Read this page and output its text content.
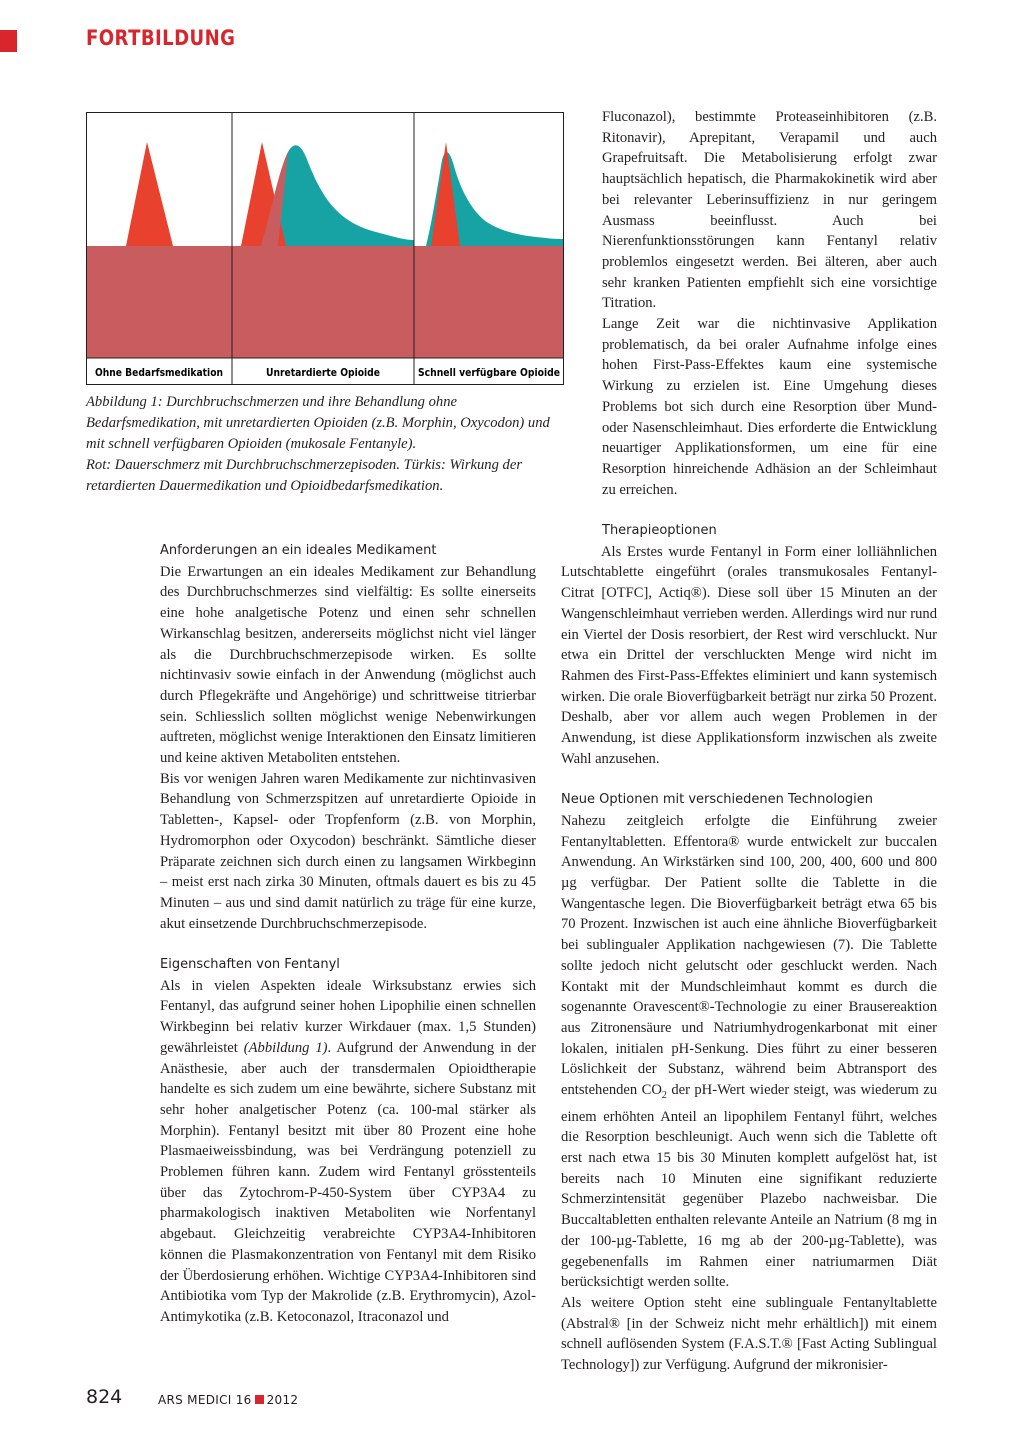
FORTBILDUNG
Ohne Bedarfsmedikation	Unretardierte Opioide	Schnell verfügbare Opioide

Abbildung 1: Durchbruchschmerzen und ihre Behandlung ohne Bedarfsmedikation, mit unretardierten Opioiden (z.B. Morphin, Oxycodon) und mit schnell verfügbaren Opioiden (mukosale Fentanyle).

Rot: Dauerschmerz mit Durchbruchschmerzepisoden. Türkis: Wirkung der retardierten Dauermedikation und Opioidbedarfsmedikation.

Anforderungen an ein ideales Medikament

Die Erwartungen an ein ideales Medikament zur Behandlung des Durchbruchschmerzes sind vielfältig: Es sollte einerseits eine hohe analgetische Potenz und einen sehr schnellen Wirkanschlag besitzen, andererseits möglichst nicht viel länger als die Durchbruchschmerzepisode wirken. Es sollte nichtinvasiv sowie einfach in der Anwendung (möglichst auch durch Pflegekräfte und Angehörige) und schrittweise titrierbar sein. Schliesslich sollten möglichst wenige Nebenwirkungen auftreten, möglichst wenige Interaktionen den Einsatz limitieren und keine aktiven Metaboliten entstehen.

Bis vor wenigen Jahren waren Medikamente zur nichtinvasiven Behandlung von Schmerzspitzen auf unretardierte Opioide in Tabletten-, Kapsel- oder Tropfenform (z.B. von Morphin, Hydromorphon oder Oxycodon) beschränkt. Sämtliche dieser Präparate zeichnen sich durch einen zu langsamen Wirkbeginn – meist erst nach zirka 30 Minuten, oftmals dauert es bis zu 45 Minuten – aus und sind damit natürlich zu träge für eine kurze, akut einsetzende Durchbruchschmerzepisode.

Eigenschaften von Fentanyl

Als in vielen Aspekten ideale Wirksubstanz erwies sich Fentanyl, das aufgrund seiner hohen Lipophilie einen schnellen Wirkbeginn bei relativ kurzer Wirkdauer (max. 1,5 Stunden) gewährleistet (Abbildung 1). Aufgrund der Anwendung in der Anästhesie, aber auch der transdermalen Opioidtherapie handelte es sich zudem um eine bewährte, sichere Substanz mit sehr hoher analgetischer Potenz (ca. 100-mal stärker als Morphin). Fentanyl besitzt mit über 80 Prozent eine hohe Plasmaeiweissbindung, was bei Verdrängung potenziell zu Problemen führen kann. Zudem wird Fentanyl grösstenteils über das Zytochrom-P-450-System über CYP3A4 zu pharmakologisch inaktiven Metaboliten wie Norfentanyl abgebaut. Gleichzeitig verabreichte CYP3A4-Inhibitoren können die Plasmakonzentration von Fentanyl mit dem Risiko der Überdosierung erhöhen. Wichtige CYP3A4-Inhibitoren sind Antibiotika vom Typ der Makrolide (z.B. Erythromycin), Azol-Antimykotika (z.B. Ketoconazol, Itraconazol und

Fluconazol), bestimmte Proteaseinhibitoren (z.B. Ritonavir), Aprepitant, Verapamil und auch Grapefruitsaft. Die Metabolisierung erfolgt zwar hauptsächlich hepatisch, die Pharmakokinetik wird aber bei relevanter Leberinsuffizienz in nur geringem Ausmass beeinflusst. Auch bei Nierenfunktionsstörungen kann Fentanyl relativ problemlos eingesetzt werden. Bei älteren, aber auch sehr kranken Patienten empfiehlt sich eine vorsichtige Titration.

Lange Zeit war die nichtinvasive Applikation problematisch, da bei oraler Aufnahme infolge eines hohen First-Pass-Effektes kaum eine systemische Wirkung zu erzielen ist. Eine Umgehung dieses Problems bot sich durch eine Resorption über Mund- oder Nasenschleimhaut. Dies erforderte die Entwicklung neuartiger Applikationsformen, um eine für eine Resorption hinreichende Adhäsion an der Schleimhaut zu erreichen.

Therapieoptionen

Als Erstes wurde Fentanyl in Form einer lolliähnlichen Lutschtablette eingeführt (orales transmukosales Fentanyl-Citrat [OTFC], Actiq®). Diese soll über 15 Minuten an der Wangenschleimhaut verrieben werden. Allerdings wird nur rund ein Viertel der Dosis resorbiert, der Rest wird verschluckt. Nur etwa ein Drittel der verschluckten Menge wird nicht im Rahmen des First-Pass-Effektes eliminiert und kann systemisch wirken. Die orale Bioverfügbarkeit beträgt nur zirka 50 Prozent. Deshalb, aber vor allem auch wegen Problemen in der Anwendung, ist diese Applikationsform inzwischen als zweite Wahl anzusehen.

Neue Optionen mit verschiedenen Technologien

Nahezu zeitgleich erfolgte die Einführung zweier Fentanyltabletten. Effentora® wurde entwickelt zur buccalen Anwendung. An Wirkstärken sind 100, 200, 400, 600 und 800 µg verfügbar. Der Patient sollte die Tablette in die Wangentasche legen. Die Bioverfügbarkeit beträgt etwa 65 bis 70 Prozent. Inzwischen ist auch eine ähnliche Bioverfügbarkeit bei sublingualer Applikation nachgewiesen (7). Die Tablette sollte jedoch nicht gelutscht oder geschluckt werden. Nach Kontakt mit der Mundschleimhaut kommt es durch die sogenannte Oravescent®-Technologie zu einer Brausereaktion aus Zitronensäure und Natriumhydrogenkarbonat mit einer lokalen, initialen pH-Senkung. Dies führt zu einer besseren Löslichkeit der Substanz, während beim Abtransport des entstehenden $CO_2$ der pH-Wert wieder steigt, was wiederum zu einem erhöhten Anteil an lipophilem Fentanyl führt, welches die Resorption beschleunigt. Auch wenn sich die Tablette oft erst nach etwa 15 bis 30 Minuten komplett aufgelöst hat, ist bereits nach 10 Minuten eine signifikant reduzierte Schmerzintensität gegenüber Plazebo nachweisbar. Die Buccaltabletten enthalten relevante Anteile an Natrium (8 mg in der 100-µg-Tablette, 16 mg ab der 200-µg-Tablette), was gegebenenfalls im Rahmen einer natriumarmen Diät berücksichtigt werden sollte.

Als weitere Option steht eine sublinguale Fentanyltablette (Abstral® [in der Schweiz nicht mehr erhältlich]) mit einem schnell auflösenden System (F.A.S.T.® [Fast Acting Sublingual Technology]) zur Verfügung. Aufgrund der mikronisier-

824	ARS MEDICI 16 2012
